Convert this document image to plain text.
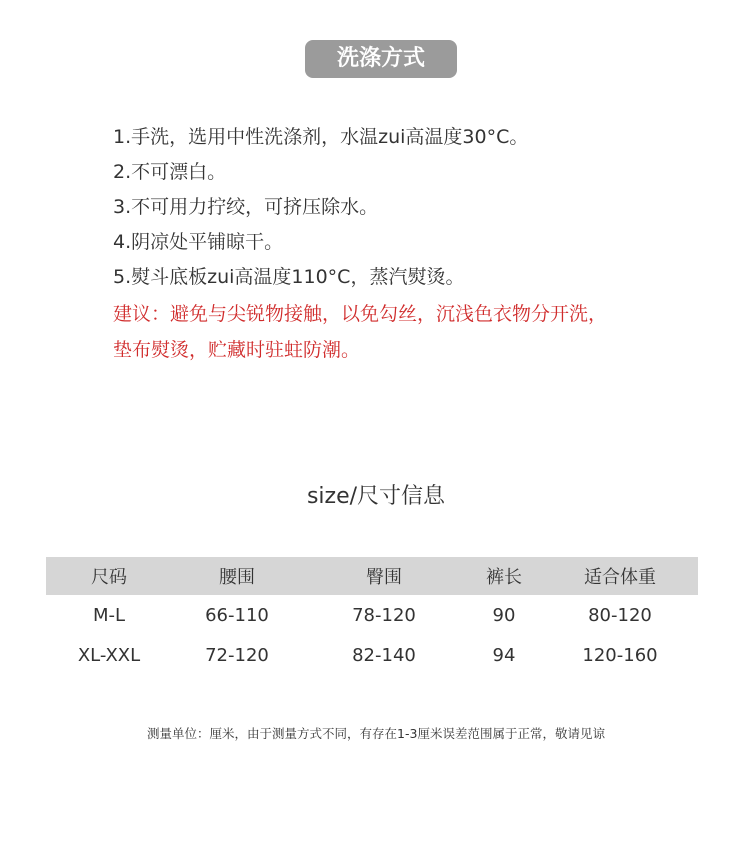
洗涤方式
1.手洗，选用中性洗涤剂，水温zui高温度30°C。
2.不可漂白。
3.不可用力拧绞，可挤压除水。
4.阴凉处平铺晾干。
5.熨斗底板zui高温度110°C，蒸汽熨烫。
建议：避免与尖锐物接触，以免勾丝，沉浅色衣物分开洗，
垫布熨烫，贮藏时驻蛀防潮。
size/尺寸信息
尺码	腰围	臀围	裤长	适合体重
M-L	66-110	78-120	90	80-120
XL-XXL	72-120	82-140	94	120-160
测量单位：厘米，由于测量方式不同，有存在1-3厘米误差范围属于正常，敬请见谅
